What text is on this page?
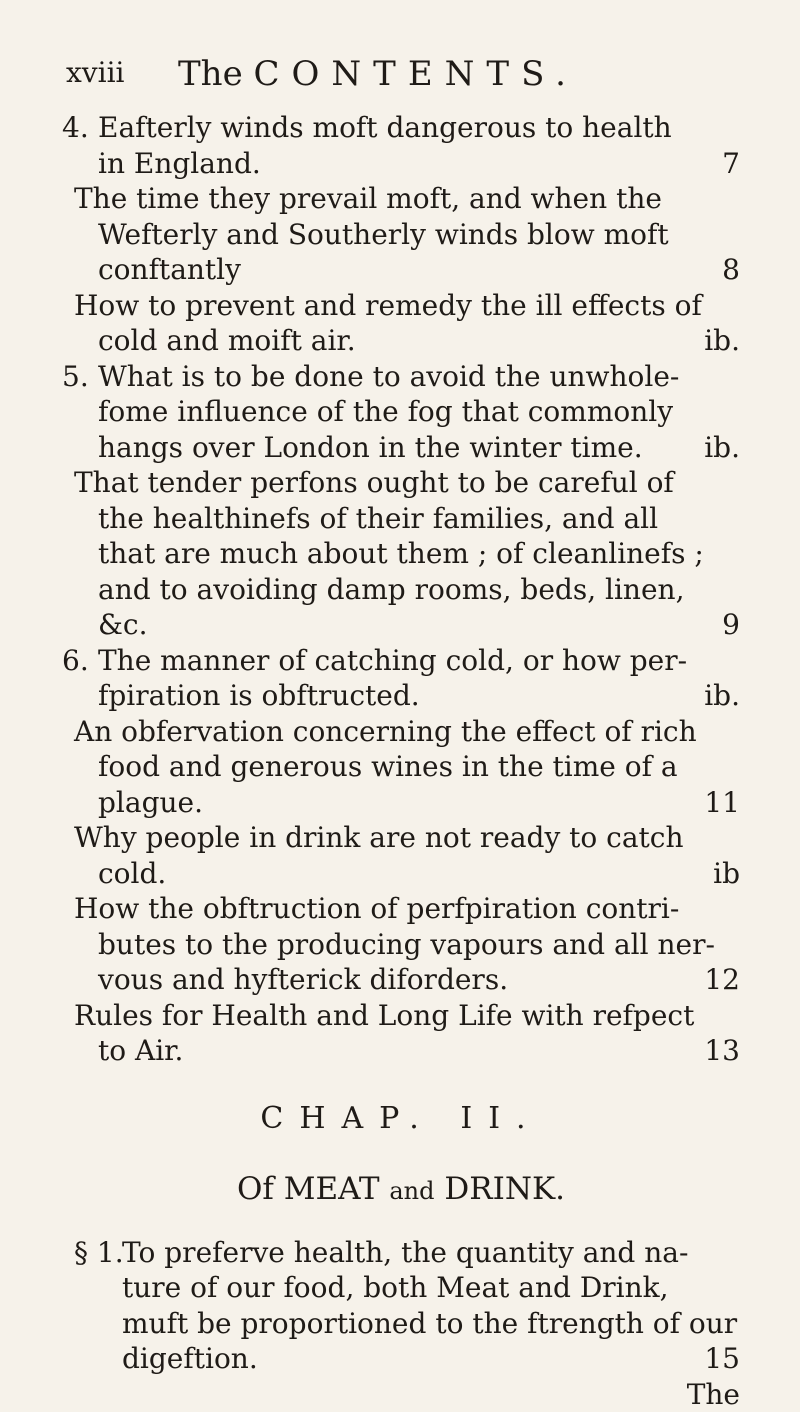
xviii The CONTENTS.
4. Eafterly winds moft dangerous to health
in England.	7
The time they prevail moft, and when the
Wefterly and Southerly winds blow moft
conftantly	8
How to prevent and remedy the ill effects of
cold and moift air.	ib.
5. What is to be done to avoid the unwhole-
fome influence of the fog that commonly
hangs over London in the winter time. ib.
That tender perfons ought to be careful of
the healthinefs of their families, and all
that are much about them ; of cleanlinefs ;
and to avoiding damp rooms, beds, linen,
&c.	9
6. The manner of catching cold, or how per-
fpiration is obftructed.	ib.
An obfervation concerning the effect of rich
food and generous wines in the time of a
plague.	11
Why people in drink are not ready to catch
cold.	ib
How the obftruction of perfpiration contri-
butes to the producing vapours and all ner-
vous and hyfterick diforders.	12
Rules for Health and Long Life with refpect
to Air.	13
CHAP. II.
Of MEAT and DRINK.
§ 1.To preferve health, the quantity and na-
ture of our food, both Meat and Drink,
muft be proportioned to the ftrength of our
digeftion.	15
The
